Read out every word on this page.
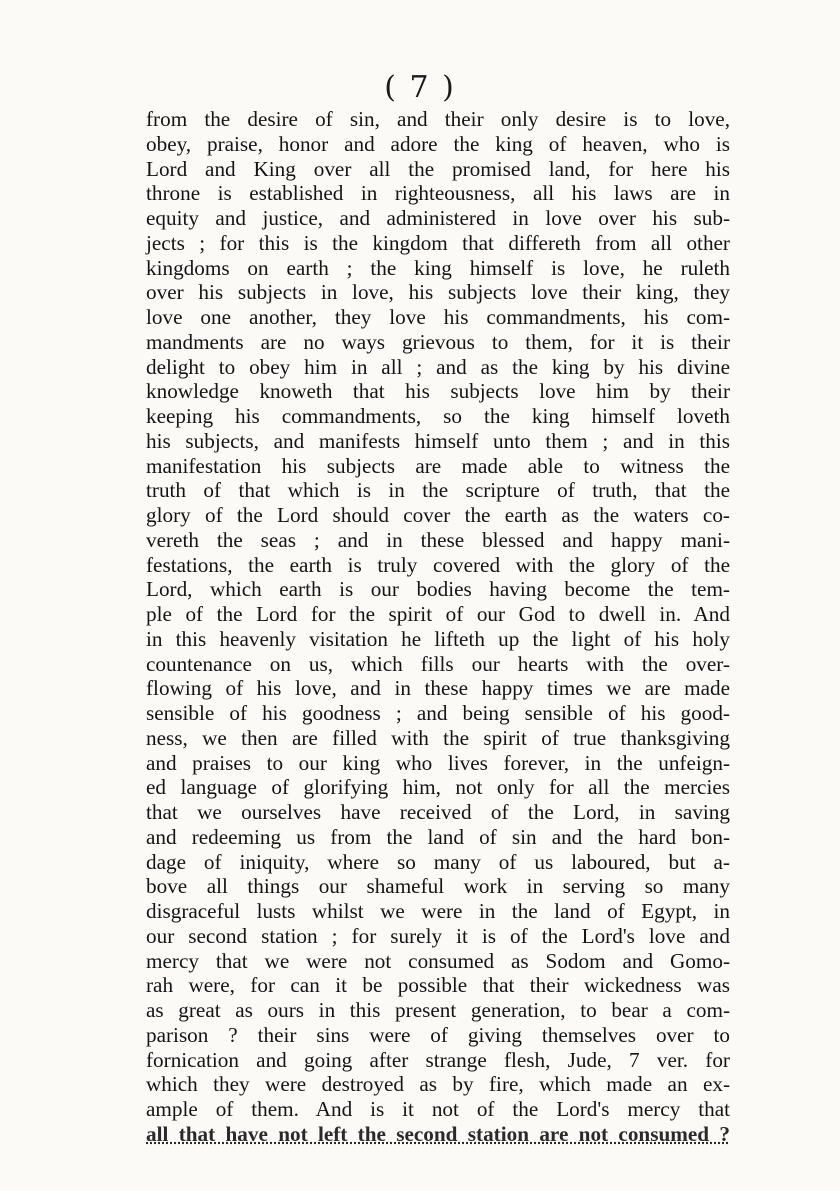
( 7 )
from the desire of sin, and their only desire is to love,
obey, praise, honor and adore the king of heaven, who is
Lord and King over all the promised land, for here his
throne is established in righteousness, all his laws are in
equity and justice, and administered in love over his sub-
jects ; for this is the kingdom that differeth from all other
kingdoms on earth ; the king himself is love, he ruleth
over his subjects in love, his subjects love their king, they
love one another, they love his commandments, his com-
mandments are no ways grievous to them, for it is their
delight to obey him in all ; and as the king by his divine
knowledge knoweth that his subjects love him by their
keeping his commandments, so the king himself loveth
his subjects, and manifests himself unto them ; and in this
manifestation his subjects are made able to witness the
truth of that which is in the scripture of truth, that the
glory of the Lord should cover the earth as the waters co-
vereth the seas ; and in these blessed and happy mani-
festations, the earth is truly covered with the glory of the
Lord, which earth is our bodies having become the tem-
ple of the Lord for the spirit of our God to dwell in. And
in this heavenly visitation he lifteth up the light of his holy
countenance on us, which fills our hearts with the over-
flowing of his love, and in these happy times we are made
sensible of his goodness ; and being sensible of his good-
ness, we then are filled with the spirit of true thanksgiving
and praises to our king who lives forever, in the unfeign-
ed language of glorifying him, not only for all the mercies
that we ourselves have received of the Lord, in saving
and redeeming us from the land of sin and the hard bon-
dage of iniquity, where so many of us laboured, but a-
bove all things our shameful work in serving so many
disgraceful lusts whilst we were in the land of Egypt, in
our second station ; for surely it is of the Lord's love and
mercy that we were not consumed as Sodom and Gomo-
rah were, for can it be possible that their wickedness was
as great as ours in this present generation, to bear a com-
parison ? their sins were of giving themselves over to
fornication and going after strange flesh, Jude, 7 ver. for
which they were destroyed as by fire, which made an ex-
ample of them. And is it not of the Lord's mercy that
all that have not left the second station are not consumed ?
